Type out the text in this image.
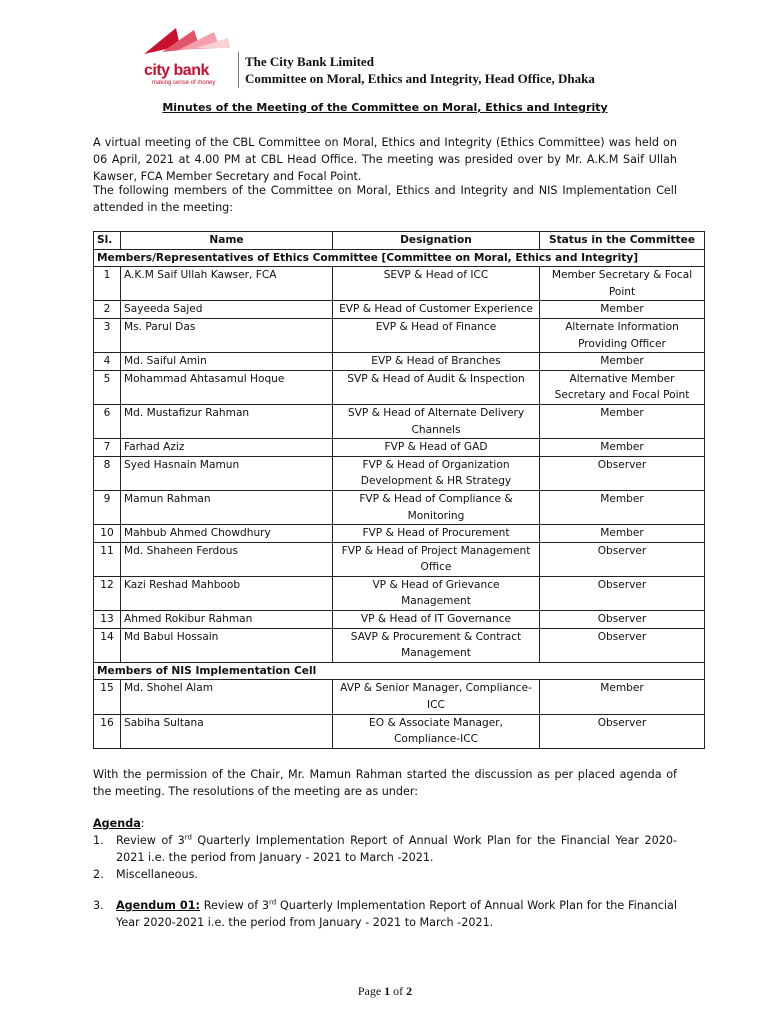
city bank
making sense of money
The City Bank Limited
Committee on Moral, Ethics and Integrity, Head Office, Dhaka
Minutes of the Meeting of the Committee on Moral, Ethics and Integrity
A virtual meeting of the CBL Committee on Moral, Ethics and Integrity (Ethics Committee) was held on 06 April, 2021 at 4.00 PM at CBL Head Office. The meeting was presided over by Mr. A.K.M Saif Ullah Kawser, FCA Member Secretary and Focal Point.
The following members of the Committee on Moral, Ethics and Integrity and NIS Implementation Cell attended in the meeting:
Sl.	Name	Designation	Status in the Committee
Members/Representatives of Ethics Committee [Committee on Moral, Ethics and Integrity]			
1	A.K.M Saif Ullah Kawser, FCA	SEVP & Head of ICC	Member Secretary & Focal Point
2	Sayeeda Sajed	EVP & Head of Customer Experience	Member
3	Ms. Parul Das	EVP & Head of Finance	Alternate Information Providing Officer
4	Md. Saiful Amin	EVP & Head of Branches	Member
5	Mohammad Ahtasamul Hoque	SVP & Head of Audit & Inspection	Alternative Member Secretary and Focal Point
6	Md. Mustafizur Rahman	SVP & Head of Alternate Delivery Channels	Member
7	Farhad Aziz	FVP & Head of GAD	Member
8	Syed Hasnain Mamun	FVP & Head of Organization Development & HR Strategy	Observer
9	Mamun Rahman	FVP & Head of Compliance & Monitoring	Member
10	Mahbub Ahmed Chowdhury	FVP & Head of Procurement	Member
11	Md. Shaheen Ferdous	FVP & Head of Project Management Office	Observer
12	Kazi Reshad Mahboob	VP & Head of Grievance Management	Observer
13	Ahmed Rokibur Rahman	VP & Head of IT Governance	Observer
14	Md Babul Hossain	SAVP & Procurement & Contract Management	Observer
Members of NIS Implementation Cell			
15	Md. Shohel Alam	AVP & Senior Manager, Compliance-ICC	Member
16	Sabiha Sultana	EO & Associate Manager, Compliance-ICC	Observer
With the permission of the Chair, Mr. Mamun Rahman started the discussion as per placed agenda of the meeting. The resolutions of the meeting are as under:
Agenda:
1. Review of 3rd Quarterly Implementation Report of Annual Work Plan for the Financial Year 2020-2021 i.e. the period from January - 2021 to March -2021.
2. Miscellaneous.
3. Agendum 01: Review of 3rd Quarterly Implementation Report of Annual Work Plan for the Financial Year 2020-2021 i.e. the period from January - 2021 to March -2021.
Page 1 of 2
